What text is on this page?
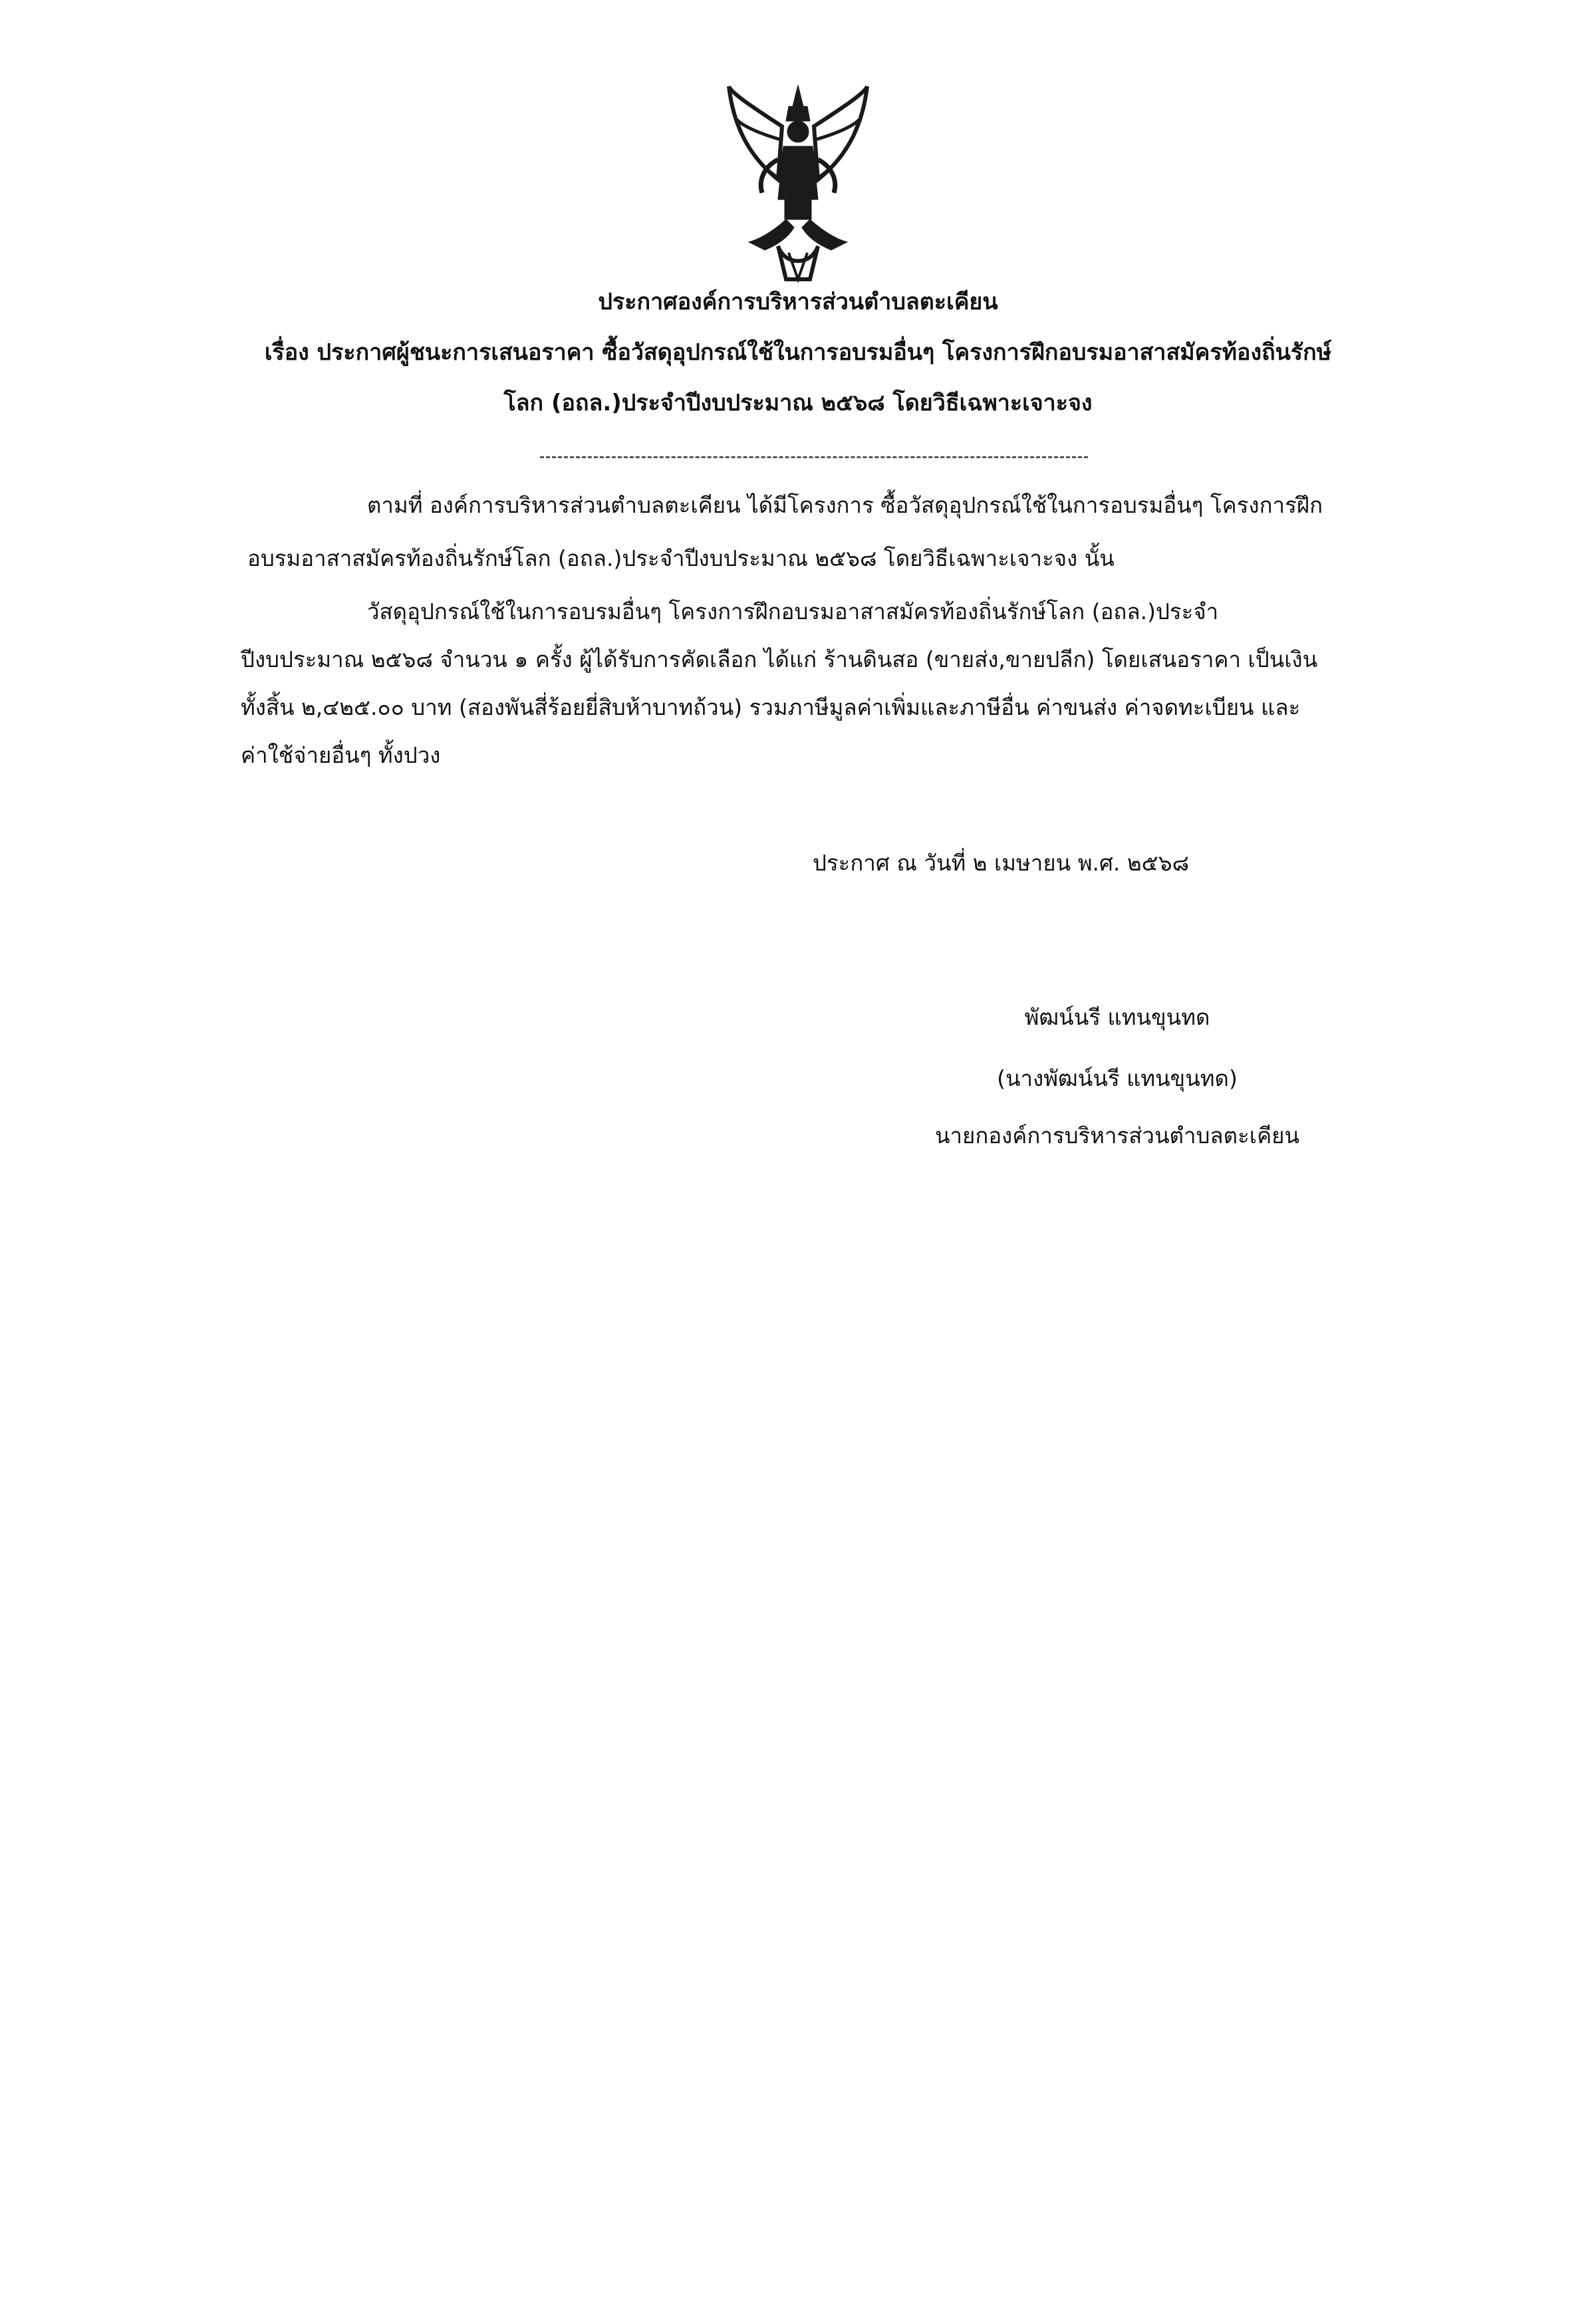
ประกาศองค์การบริหารส่วนตำบลตะเคียน
เรื่อง ประกาศผู้ชนะการเสนอราคา ซื้อวัสดุอุปกรณ์ใช้ในการอบรมอื่นๆ โครงการฝึกอบรมอาสาสมัครท้องถิ่นรักษ์
โลก (อถล.)ประจำปีงบประมาณ ๒๕๖๘ โดยวิธีเฉพาะเจาะจง
ตามที่ องค์การบริหารส่วนตำบลตะเคียน ได้มีโครงการ ซื้อวัสดุอุปกรณ์ใช้ในการอบรมอื่นๆ โครงการฝึก
อบรมอาสาสมัครท้องถิ่นรักษ์โลก (อถล.)ประจำปีงบประมาณ ๒๕๖๘ โดยวิธีเฉพาะเจาะจง นั้น
วัสดุอุปกรณ์ใช้ในการอบรมอื่นๆ โครงการฝึกอบรมอาสาสมัครท้องถิ่นรักษ์โลก (อถล.)ประจำ
ปีงบประมาณ ๒๕๖๘ จำนวน ๑ ครั้ง ผู้ได้รับการคัดเลือก ได้แก่ ร้านดินสอ (ขายส่ง,ขายปลีก) โดยเสนอราคา เป็นเงิน
ทั้งสิ้น ๒,๔๒๕.๐๐ บาท (สองพันสี่ร้อยยี่สิบห้าบาทถ้วน) รวมภาษีมูลค่าเพิ่มและภาษีอื่น ค่าขนส่ง ค่าจดทะเบียน และ
ค่าใช้จ่ายอื่นๆ ทั้งปวง
ประกาศ ณ วันที่ ๒ เมษายน พ.ศ. ๒๕๖๘
พัฒน์นรี แทนขุนทด
(นางพัฒน์นรี แทนขุนทด)
นายกองค์การบริหารส่วนตำบลตะเคียน
